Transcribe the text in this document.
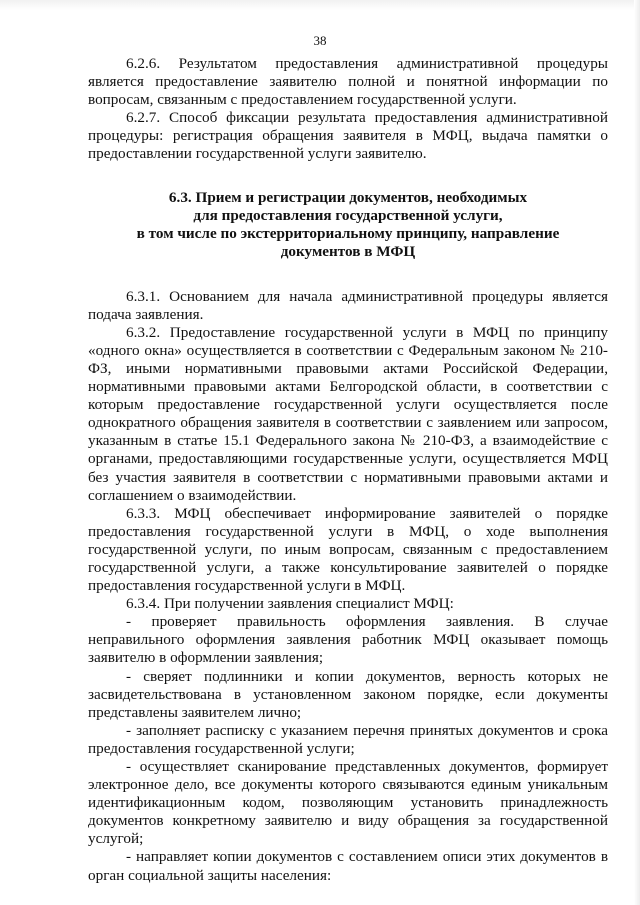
38

6.2.6. Результатом предоставления административной процедуры является предоставление заявителю полной и понятной информации по вопросам, связанным с предоставлением государственной услуги.

6.2.7. Способ фиксации результата предоставления административной процедуры: регистрация обращения заявителя в МФЦ, выдача памятки о предоставлении государственной услуги заявителю.

6.3. Прием и регистрации документов, необходимых
для предоставления государственной услуги,
в том числе по экстерриториальному принципу, направление
документов в МФЦ

6.3.1. Основанием для начала административной процедуры является подача заявления.

6.3.2. Предоставление государственной услуги в МФЦ по принципу «одного окна» осуществляется в соответствии с Федеральным законом № 210-ФЗ, иными нормативными правовыми актами Российской Федерации, нормативными правовыми актами Белгородской области, в соответствии с которым предоставление государственной услуги осуществляется после однократного обращения заявителя в соответствии с заявлением или запросом, указанным в статье 15.1 Федерального закона № 210-ФЗ, а взаимодействие с органами, предоставляющими государственные услуги, осуществляется МФЦ без участия заявителя в соответствии с нормативными правовыми актами и соглашением о взаимодействии.

6.3.3. МФЦ обеспечивает информирование заявителей о порядке предоставления государственной услуги в МФЦ, о ходе выполнения государственной услуги, по иным вопросам, связанным с предоставлением государственной услуги, а также консультирование заявителей о порядке предоставления государственной услуги в МФЦ.

6.3.4. При получении заявления специалист МФЦ:

- проверяет правильность оформления заявления. В случае неправильного оформления заявления работник МФЦ оказывает помощь заявителю в оформлении заявления;

- сверяет подлинники и копии документов, верность которых не засвидетельствована в установленном законом порядке, если документы представлены заявителем лично;

- заполняет расписку с указанием перечня принятых документов и срока предоставления государственной услуги;

- осуществляет сканирование представленных документов, формирует электронное дело, все документы которого связываются единым уникальным идентификационным кодом, позволяющим установить принадлежность документов конкретному заявителю и виду обращения за государственной услугой;

- направляет копии документов с составлением описи этих документов в орган социальной защиты населения:
